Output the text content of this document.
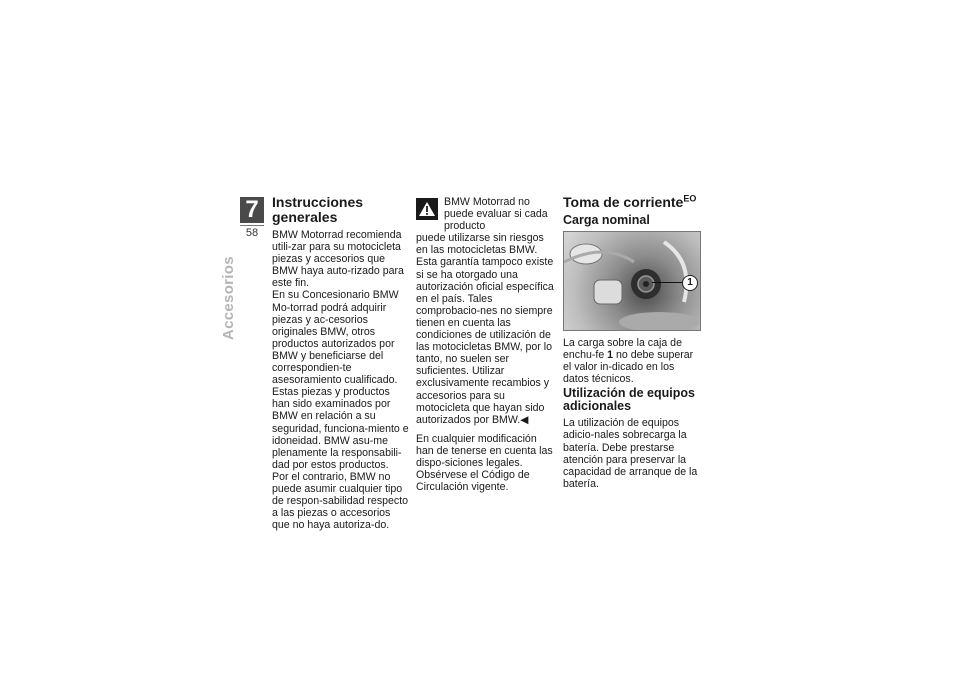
7
58
Accesorios
Instrucciones generales

BMW Motorrad recomienda utili-zar para su motocicleta piezas y accesorios que BMW haya auto-rizado para este fin.

En su Concesionario BMW Mo-torrad podrá adquirir piezas y ac-cesorios originales BMW, otros productos autorizados por BMW y beneficiarse del correspondien-te asesoramiento cualificado.

Estas piezas y productos han sido examinados por BMW en relación a su seguridad, funciona-miento e idoneidad. BMW asu-me plenamente la responsabili-dad por estos productos.

Por el contrario, BMW no puede asumir cualquier tipo de respon-sabilidad respecto a las piezas o accesorios que no haya autoriza-do.

BMW Motorrad no puede evaluar si cada producto
puede utilizarse sin riesgos en las motocicletas BMW. Esta garantía tampoco existe si se ha otorgado una autorización oficial específica en el país. Tales comprobacio-nes no siempre tienen en cuenta las condiciones de utilización de las motocicletas BMW, por lo tanto, no suelen ser suficientes. Utilizar exclusivamente recambios y accesorios para su motocicleta que hayan sido autorizados por BMW.◀

En cualquier modificación han de tenerse en cuenta las dispo-siciones legales. Obsérvese el Código de Circulación vigente.

Toma de corriente$^{EO}$
Carga nominal
1

La carga sobre la caja de enchu-fe 1 no debe superar el valor in-dicado en los datos técnicos.

Utilización de equipos adicionales

La utilización de equipos adicio-nales sobrecarga la batería. Debe prestarse atención para preservar la capacidad de arranque de la batería.
